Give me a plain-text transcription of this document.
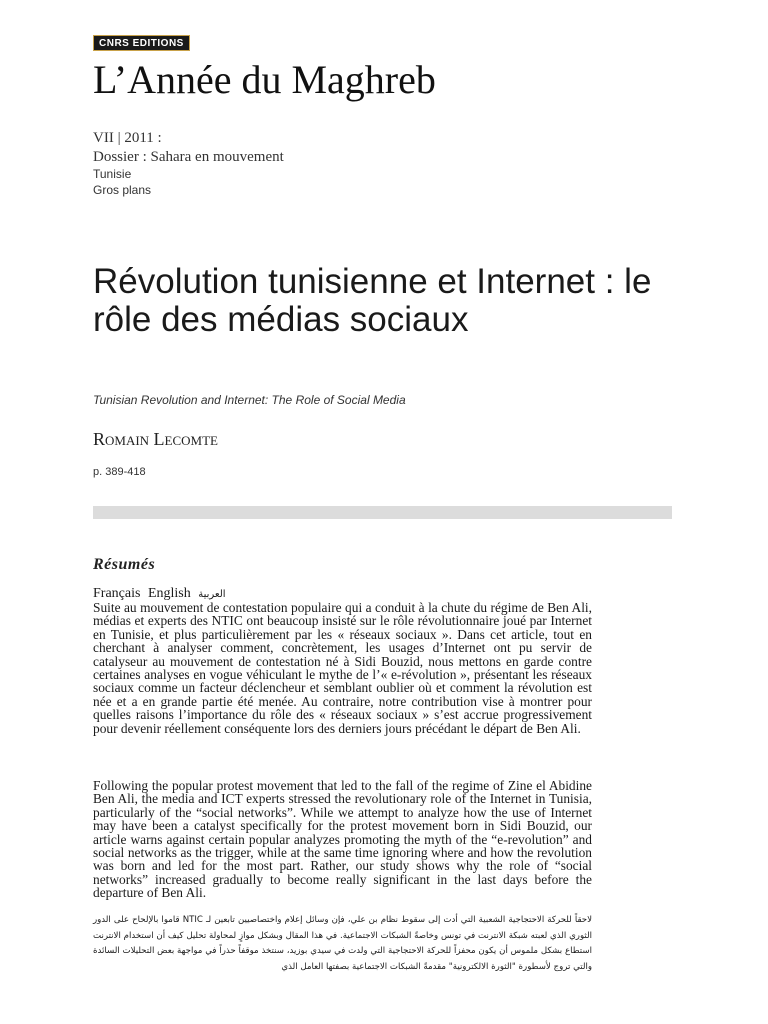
CNRS EDITIONS
L’Année du Maghreb
VII | 2011 :
Dossier : Sahara en mouvement
Tunisie
Gros plans
Révolution tunisienne et Internet : le rôle des médias sociaux
Tunisian Revolution and Internet: The Role of Social Media
Romain Lecomte
p. 389-418
Résumés
Français English العربية

Suite au mouvement de contestation populaire qui a conduit à la chute du régime de Ben Ali, médias et experts des NTIC ont beaucoup insisté sur le rôle révolutionnaire joué par Internet en Tunisie, et plus particulièrement par les « réseaux sociaux ». Dans cet article, tout en cherchant à analyser comment, concrètement, les usages d’Internet ont pu servir de catalyseur au mouvement de contestation né à Sidi Bouzid, nous mettons en garde contre certaines analyses en vogue véhiculant le mythe de l’« e-révolution », présentant les réseaux sociaux comme un facteur déclencheur et semblant oublier où et comment la révolution est née et a en grande partie été menée. Au contraire, notre contribution vise à montrer pour quelles raisons l’importance du rôle des « réseaux sociaux » s’est accrue progressivement pour devenir réellement conséquente lors des derniers jours précédant le départ de Ben Ali.

Following the popular protest movement that led to the fall of the regime of Zine el Abidine Ben Ali, the media and ICT experts stressed the revolutionary role of the Internet in Tunisia, particularly of the “social networks”. While we attempt to analyze how the use of Internet may have been a catalyst specifically for the protest movement born in Sidi Bouzid, our article warns against certain popular analyzes promoting the myth of the “e-revolution” and social networks as the trigger, while at the same time ignoring where and how the revolution was born and led for the most part. Rather, our study shows why the role of “social networks” increased gradually to become really significant in the last days before the departure of Ben Ali.

لاحقاً للحركة الاحتجاجية الشعبية التي أدت إلى سقوط نظام بن علي، فإن وسائل إعلام واختصاصيين تابعين لـ NTIC قاموا بالإلحاح على الدور الثوري الذي لعبته شبكة الانترنت في تونس وخاصةً الشبكات الاجتماعية. في هذا المقال وبشكل موازٍ لمحاولة تحليل كيف أن استخدام الانترنت استطاع بشكل ملموس أن يكون محفزاً للحركة الاحتجاجية التي ولدت في سيدي بوزيد، سنتخذ موقفاً حذراً في مواجهة بعض التحليلات السائدة والتي تروج لأسطورة "الثورة الالكترونية" مقدمةً الشبكات الاجتماعية بصفتها العامل الذي
